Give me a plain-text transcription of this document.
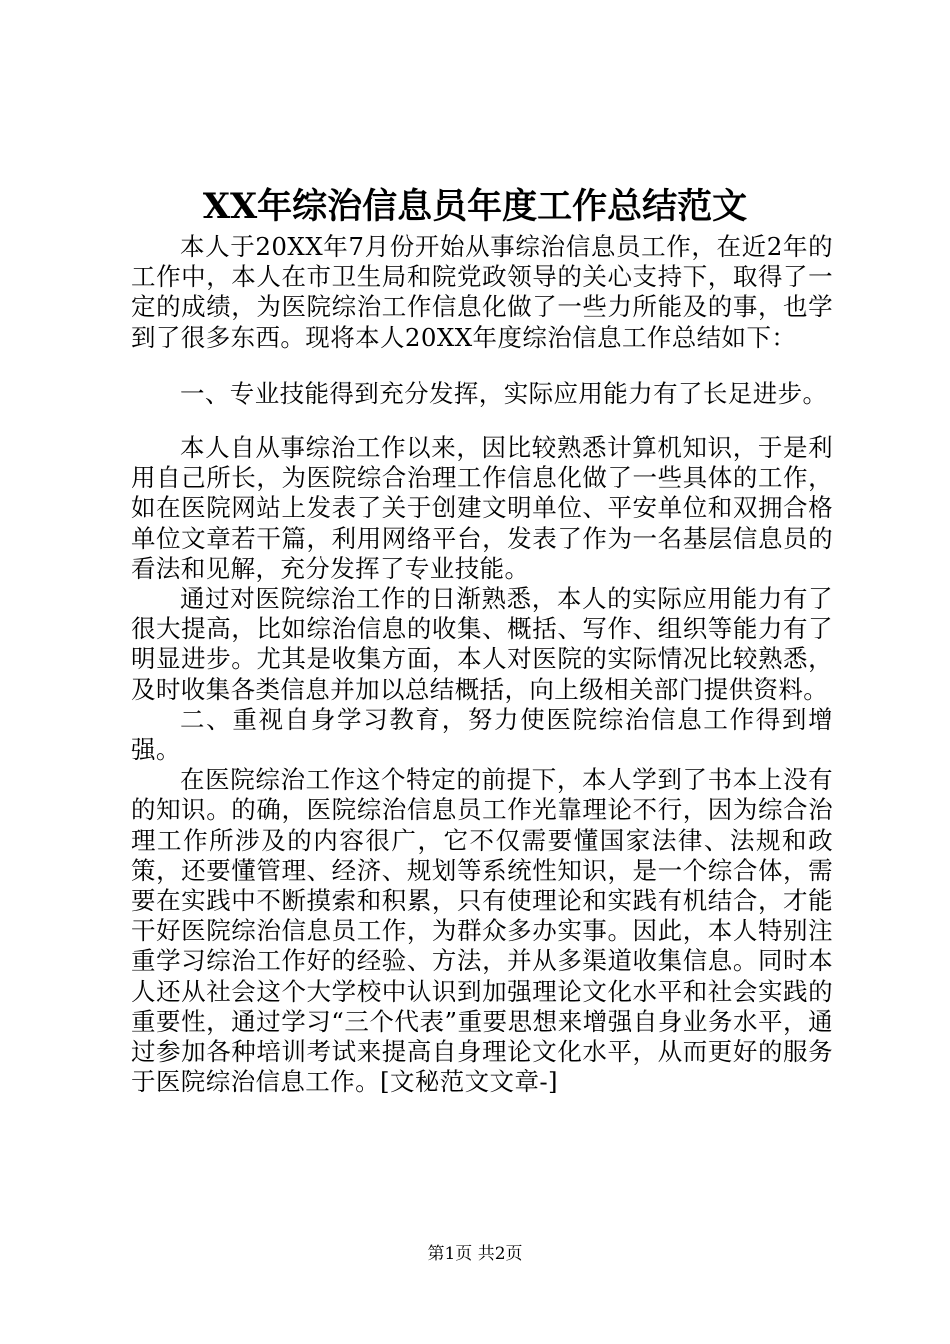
XX年综治信息员年度工作总结范文

本人于20XX年7月份开始从事综治信息员工作，在近2年的工作中，本人在市卫生局和院党政领导的关心支持下，取得了一定的成绩，为医院综治工作信息化做了一些力所能及的事，也学到了很多东西。现将本人20XX年度综治信息工作总结如下：

一、专业技能得到充分发挥，实际应用能力有了长足进步。

本人自从事综治工作以来，因比较熟悉计算机知识，于是利用自己所长，为医院综合治理工作信息化做了一些具体的工作，如在医院网站上发表了关于创建文明单位、平安单位和双拥合格单位文章若干篇，利用网络平台，发表了作为一名基层信息员的看法和见解，充分发挥了专业技能。

通过对医院综治工作的日渐熟悉，本人的实际应用能力有了很大提高，比如综治信息的收集、概括、写作、组织等能力有了明显进步。尤其是收集方面，本人对医院的实际情况比较熟悉，及时收集各类信息并加以总结概括，向上级相关部门提供资料。

二、重视自身学习教育，努力使医院综治信息工作得到增强。

在医院综治工作这个特定的前提下，本人学到了书本上没有的知识。的确，医院综治信息员工作光靠理论不行，因为综合治理工作所涉及的内容很广，它不仅需要懂国家法律、法规和政策，还要懂管理、经济、规划等系统性知识，是一个综合体，需要在实践中不断摸索和积累，只有使理论和实践有机结合，才能干好医院综治信息员工作，为群众多办实事。因此，本人特别注重学习综治工作好的经验、方法，并从多渠道收集信息。同时本人还从社会这个大学校中认识到加强理论文化水平和社会实践的重要性，通过学习“三个代表”重要思想来增强自身业务水平，通过参加各种培训考试来提高自身理论文化水平，从而更好的服务于医院综治信息工作。[文秘范文文章-]

第1页 共2页
